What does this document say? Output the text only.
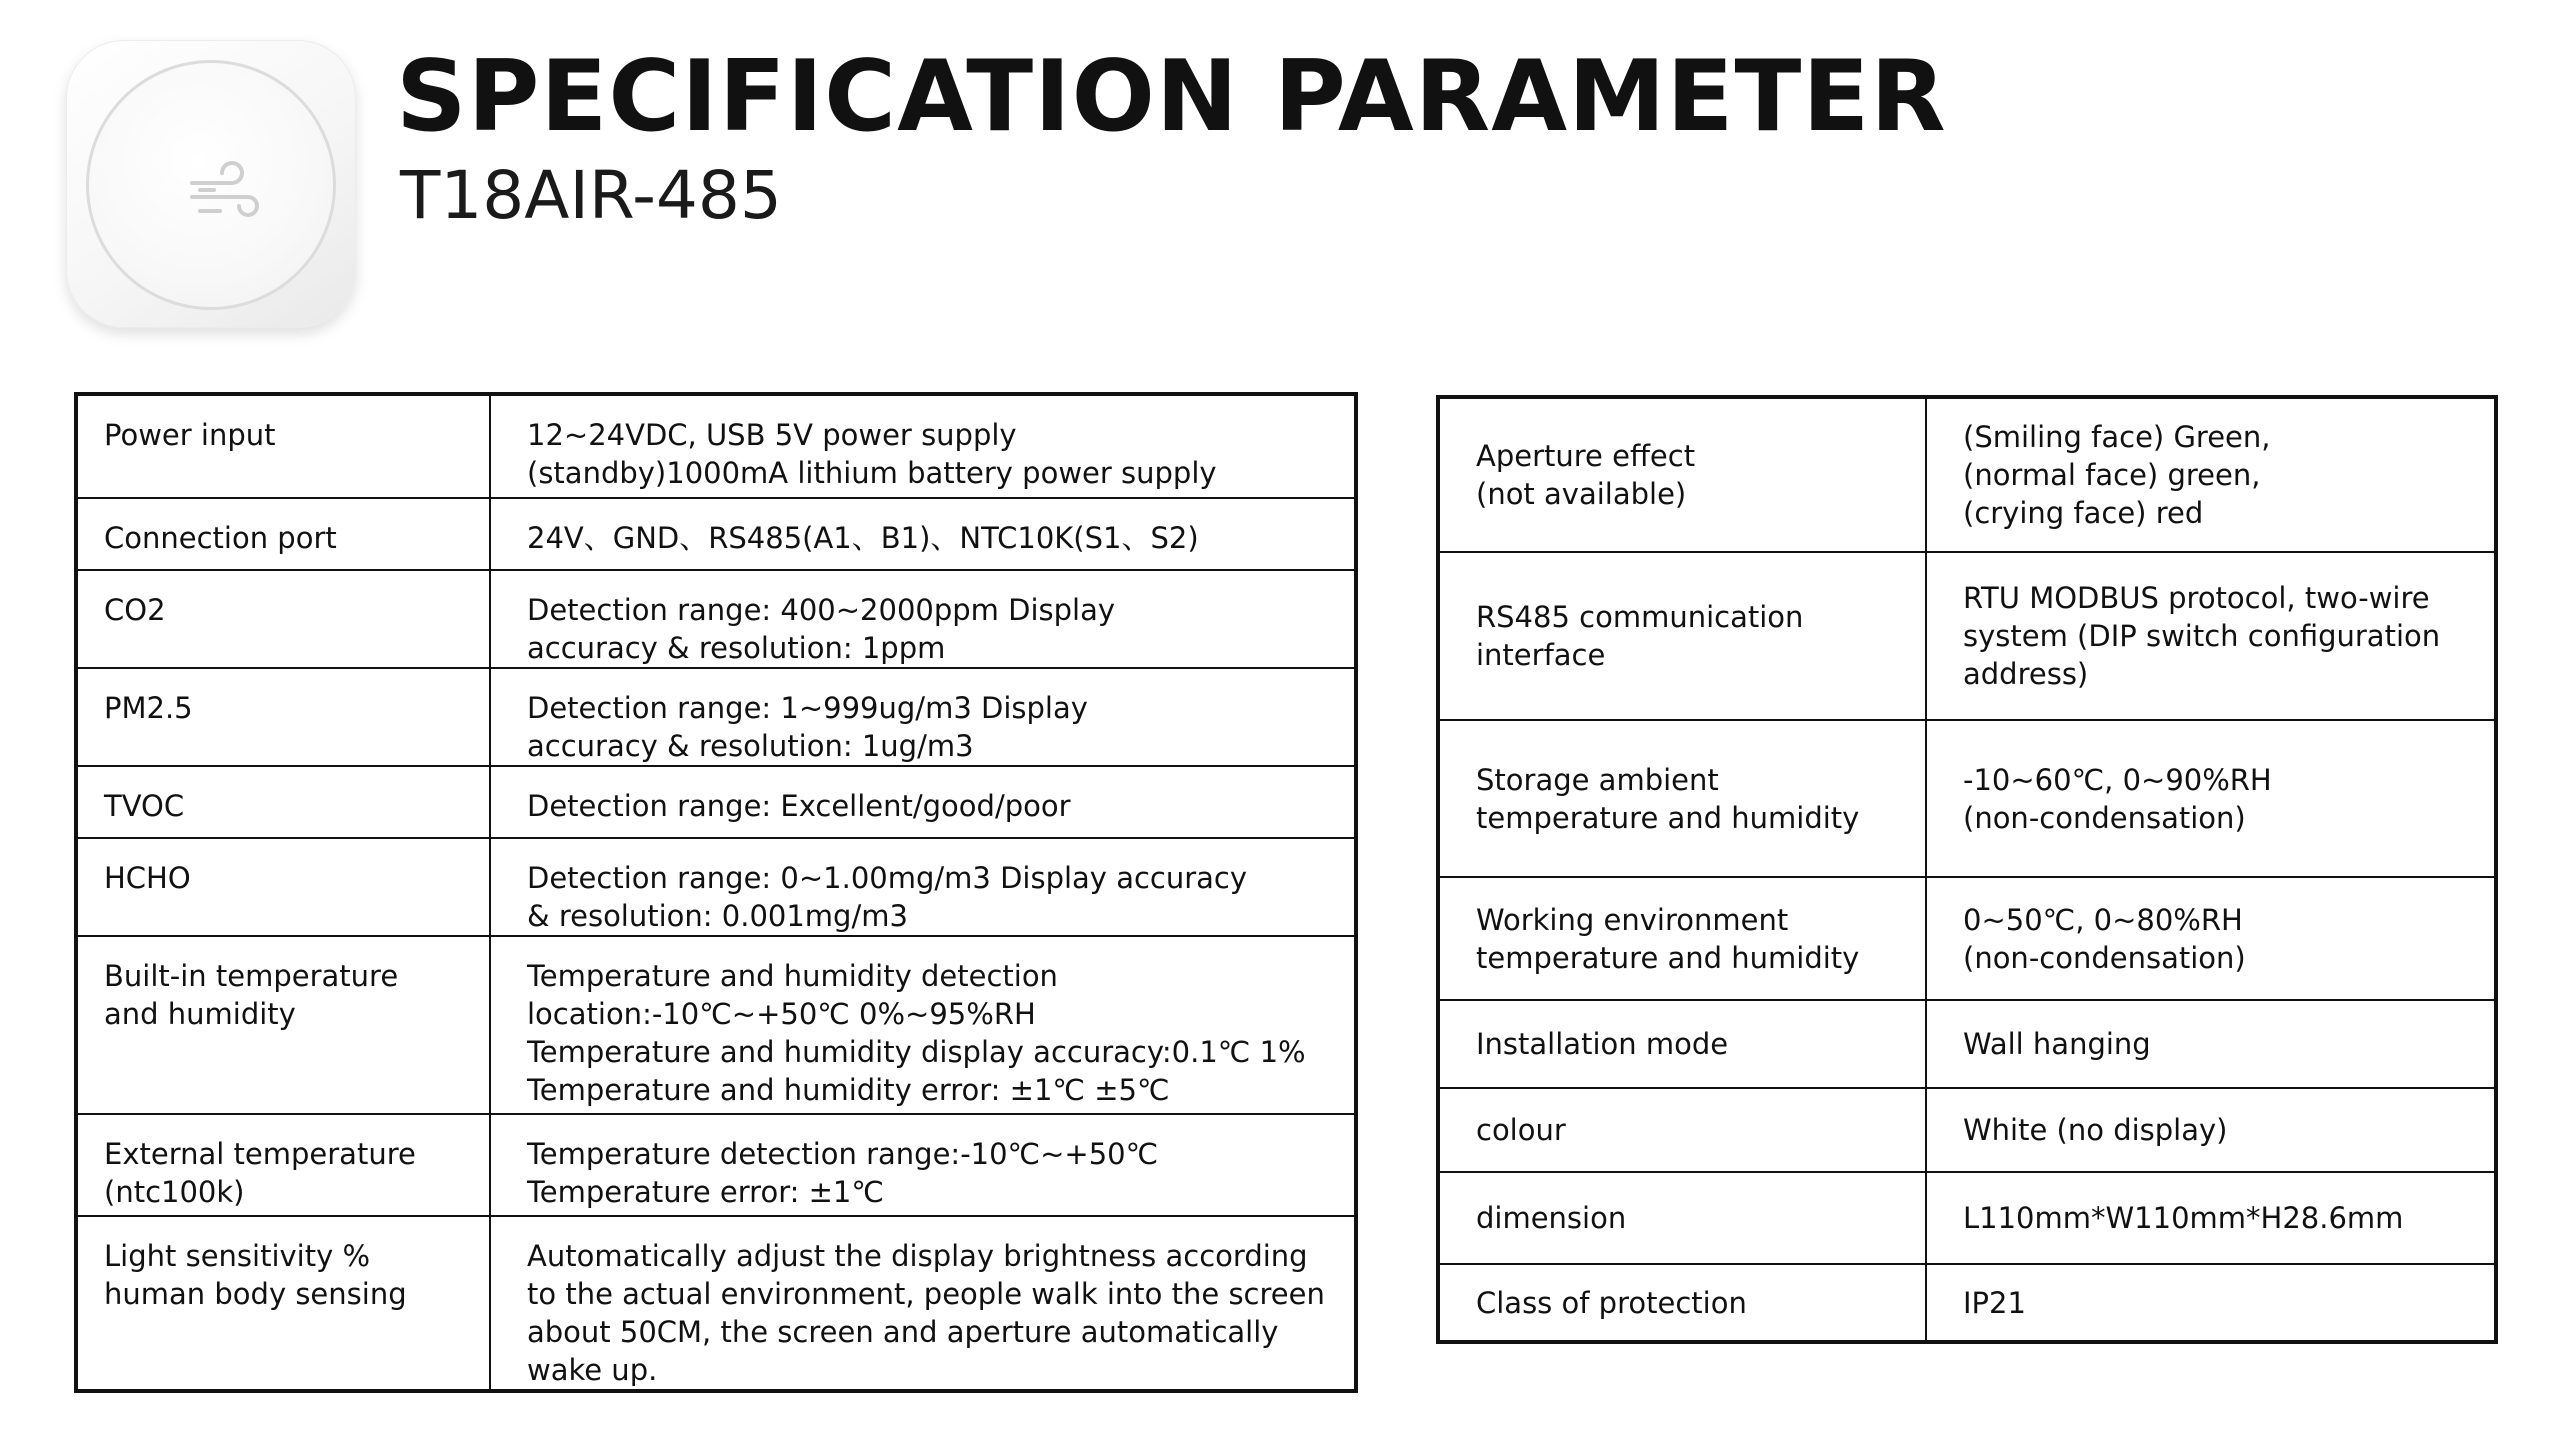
SPECIFICATION PARAMETER
T18AIR-485
Power input	12~24VDC, USB 5V power supply
(standby)1000mA lithium battery power supply
Connection port	24V、GND、RS485(A1、B1)、NTC10K(S1、S2)
CO2	Detection range: 400~2000ppm Display
accuracy & resolution: 1ppm
PM2.5	Detection range: 1~999ug/m3 Display
accuracy & resolution: 1ug/m3
TVOC	Detection range: Excellent/good/poor
HCHO	Detection range: 0~1.00mg/m3 Display accuracy
& resolution: 0.001mg/m3
Built-in temperature
and humidity	Temperature and humidity detection
location:-10℃~+50℃ 0%~95%RH
Temperature and humidity display accuracy:0.1℃ 1%
Temperature and humidity error: ±1℃ ±5℃
External temperature
(ntc100k)	Temperature detection range:-10℃~+50℃
Temperature error: ±1℃
Light sensitivity %
human body sensing	Automatically adjust the display brightness according
to the actual environment, people walk into the screen
about 50CM, the screen and aperture automatically
wake up.
Aperture effect
(not available)	(Smiling face) Green,
(normal face) green,
(crying face) red
RS485 communication
interface	RTU MODBUS protocol, two-wire
system (DIP switch configuration
address)
Storage ambient
temperature and humidity	-10~60℃, 0~90%RH
(non-condensation)
Working environment
temperature and humidity	0~50℃, 0~80%RH
(non-condensation)
Installation mode	Wall hanging
colour	White (no display)
dimension	L110mm*W110mm*H28.6mm
Class of protection	IP21
